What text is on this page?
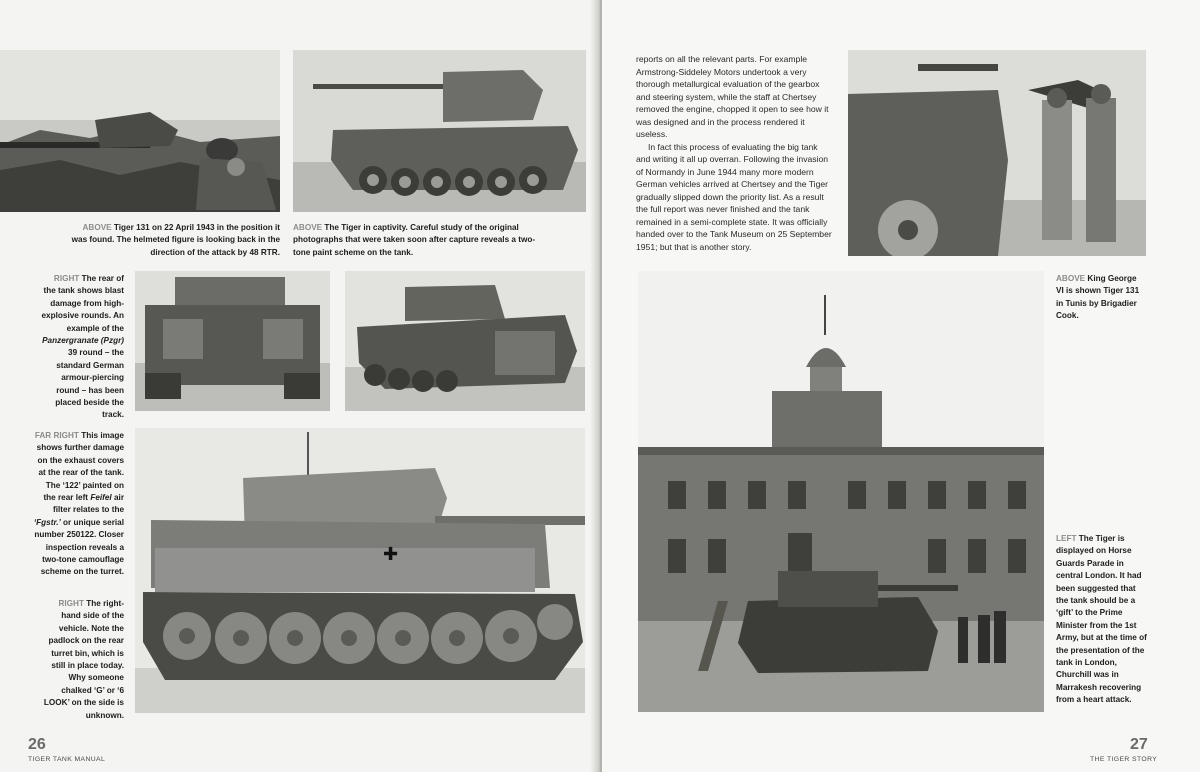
ABOVE Tiger 131 on 22 April 1943 in the position it was found. The helmeted figure is looking back in the direction of the attack by 48 RTR.
ABOVE The Tiger in captivity. Careful study of the original photographs that were taken soon after capture reveals a two-tone paint scheme on the tank.
RIGHT The rear of the tank shows blast damage from high-explosive rounds. An example of the Panzergranate (Pzgr) 39 round – the standard German armour-piercing round – has been placed beside the track.
FAR RIGHT This image shows further damage on the exhaust covers at the rear of the tank. The ‘122’ painted on the rear left Feifel air filter relates to the ‘Fgstr.’ or unique serial number 250122. Closer inspection reveals a two-tone camouflage scheme on the turret.
RIGHT The right-hand side of the vehicle. Note the padlock on the rear turret bin, which is still in place today. Why someone chalked ‘G’ or ‘6 LOOK’ on the side is unknown.
✚
26
TIGER TANK MANUAL

reports on all the relevant parts. For example Armstrong-Siddeley Motors undertook a very thorough metallurgical evaluation of the gearbox and steering system, while the staff at Chertsey removed the engine, chopped it open to see how it was designed and in the process rendered it useless.

In fact this process of evaluating the big tank and writing it all up overran. Following the invasion of Normandy in June 1944 many more modern German vehicles arrived at Chertsey and the Tiger gradually slipped down the priority list. As a result the full report was never finished and the tank remained in a semi-complete state. It was officially handed over to the Tank Museum on 25 September 1951; but that is another story.

ABOVE King George VI is shown Tiger 131 in Tunis by Brigadier Cook.
LEFT The Tiger is displayed on Horse Guards Parade in central London. It had been suggested that the tank should be a ‘gift’ to the Prime Minister from the 1st Army, but at the time of the presentation of the tank in London, Churchill was in Marrakesh recovering from a heart attack.
27
THE TIGER STORY
